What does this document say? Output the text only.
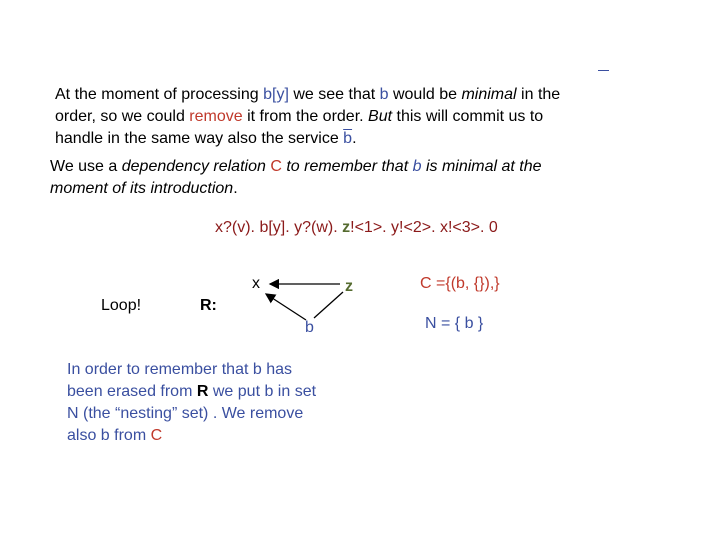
At the moment of processing b[y] we see that b would be minimal in the
order, so we could remove it from the order. But this will commit us to
handle in the same way also the service $\overline{b}$.
We use a dependency relation C to remember that b is minimal at the
moment of its introduction.
x?(v). b[y]. y?(w). z!<1>. y!<2>. x!<3>. 0
Loop!	R:
x	z
b
C ={(b, {}),}
N = { b }
In order to remember that b has
been erased from R we put b in set
N (the “nesting” set) . We remove
also b from C
